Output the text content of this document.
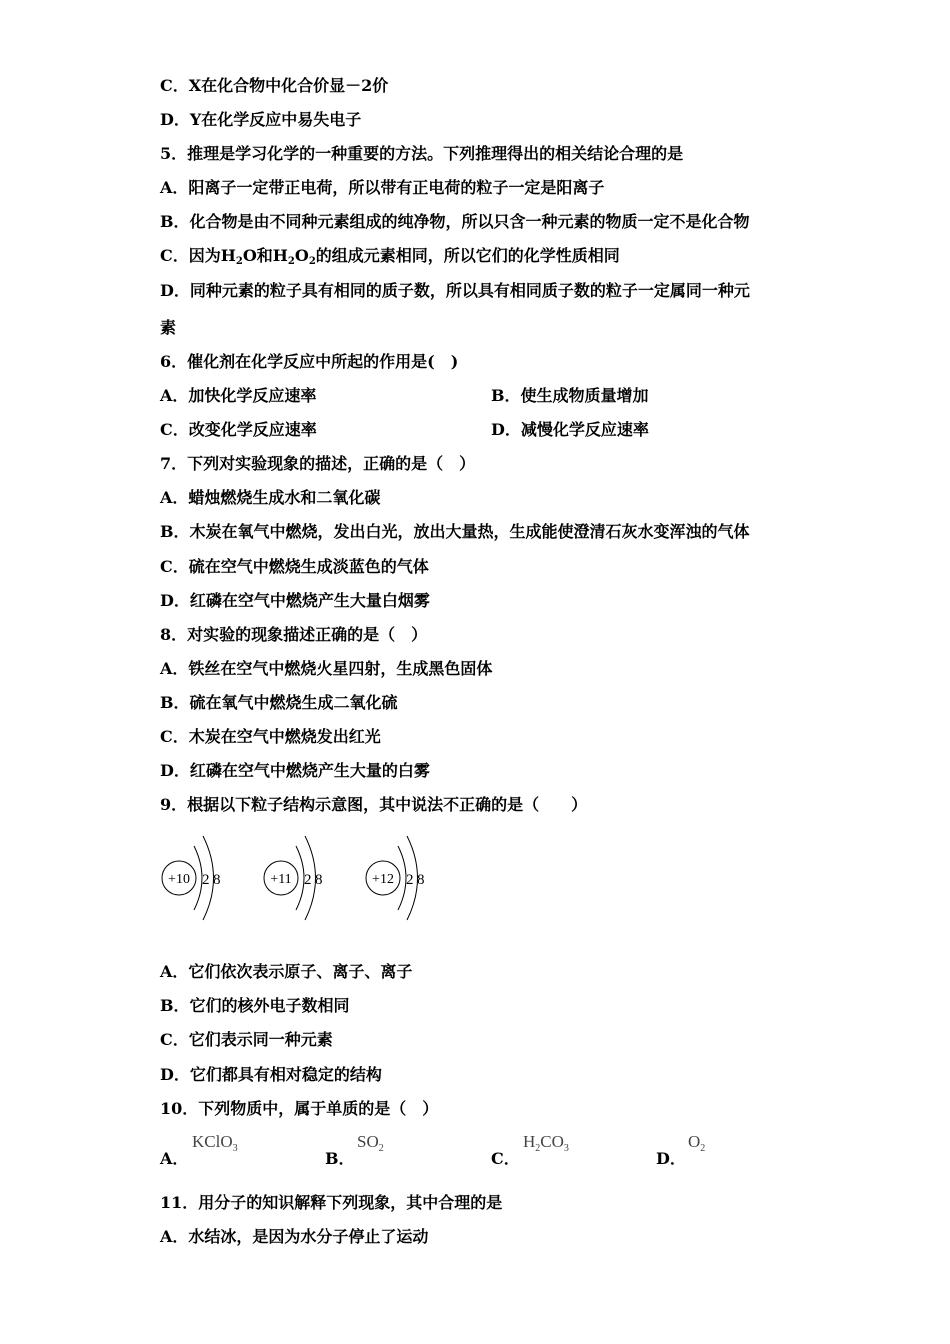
C．X在化合物中化合价显－2价
D．Y在化学反应中易失电子
5．推理是学习化学的一种重要的方法。下列推理得出的相关结论合理的是
A．阳离子一定带正电荷，所以带有正电荷的粒子一定是阳离子
B．化合物是由不同种元素组成的纯净物，所以只含一种元素的物质一定不是化合物
C．因为$H_2O$和$H_2O_2$的组成元素相同，所以它们的化学性质相同
D．同种元素的粒子具有相同的质子数，所以具有相同质子数的粒子一定属同一种元
素
6．催化剂在化学反应中所起的作用是(　)
A．加快化学反应速率	B．使生成物质量增加
C．改变化学反应速率	D．减慢化学反应速率
7．下列对实验现象的描述，正确的是（　）
A．蜡烛燃烧生成水和二氧化碳
B．木炭在氧气中燃烧，发出白光，放出大量热，生成能使澄清石灰水变浑浊的气体
C．硫在空气中燃烧生成淡蓝色的气体
D．红磷在空气中燃烧产生大量白烟雾
8．对实验的现象描述正确的是（　）
A．铁丝在空气中燃烧火星四射，生成黑色固体
B．硫在氧气中燃烧生成二氧化硫
C．木炭在空气中燃烧发出红光
D．红磷在空气中燃烧产生大量的白雾
9．根据以下粒子结构示意图，其中说法不正确的是（　　）
+10 2 8	+11 2 8	+12 2 8
A．它们依次表示原子、离子、离子
B．它们的核外电子数相同
C．它们表示同一种元素
D．它们都具有相对稳定的结构
10．下列物质中，属于单质的是（　）
A．
KClO$_3$
B．
$SO_2$
C．
$H_2CO_3$
D．
$O_2$
11．用分子的知识解释下列现象，其中合理的是
A．水结冰，是因为水分子停止了运动
